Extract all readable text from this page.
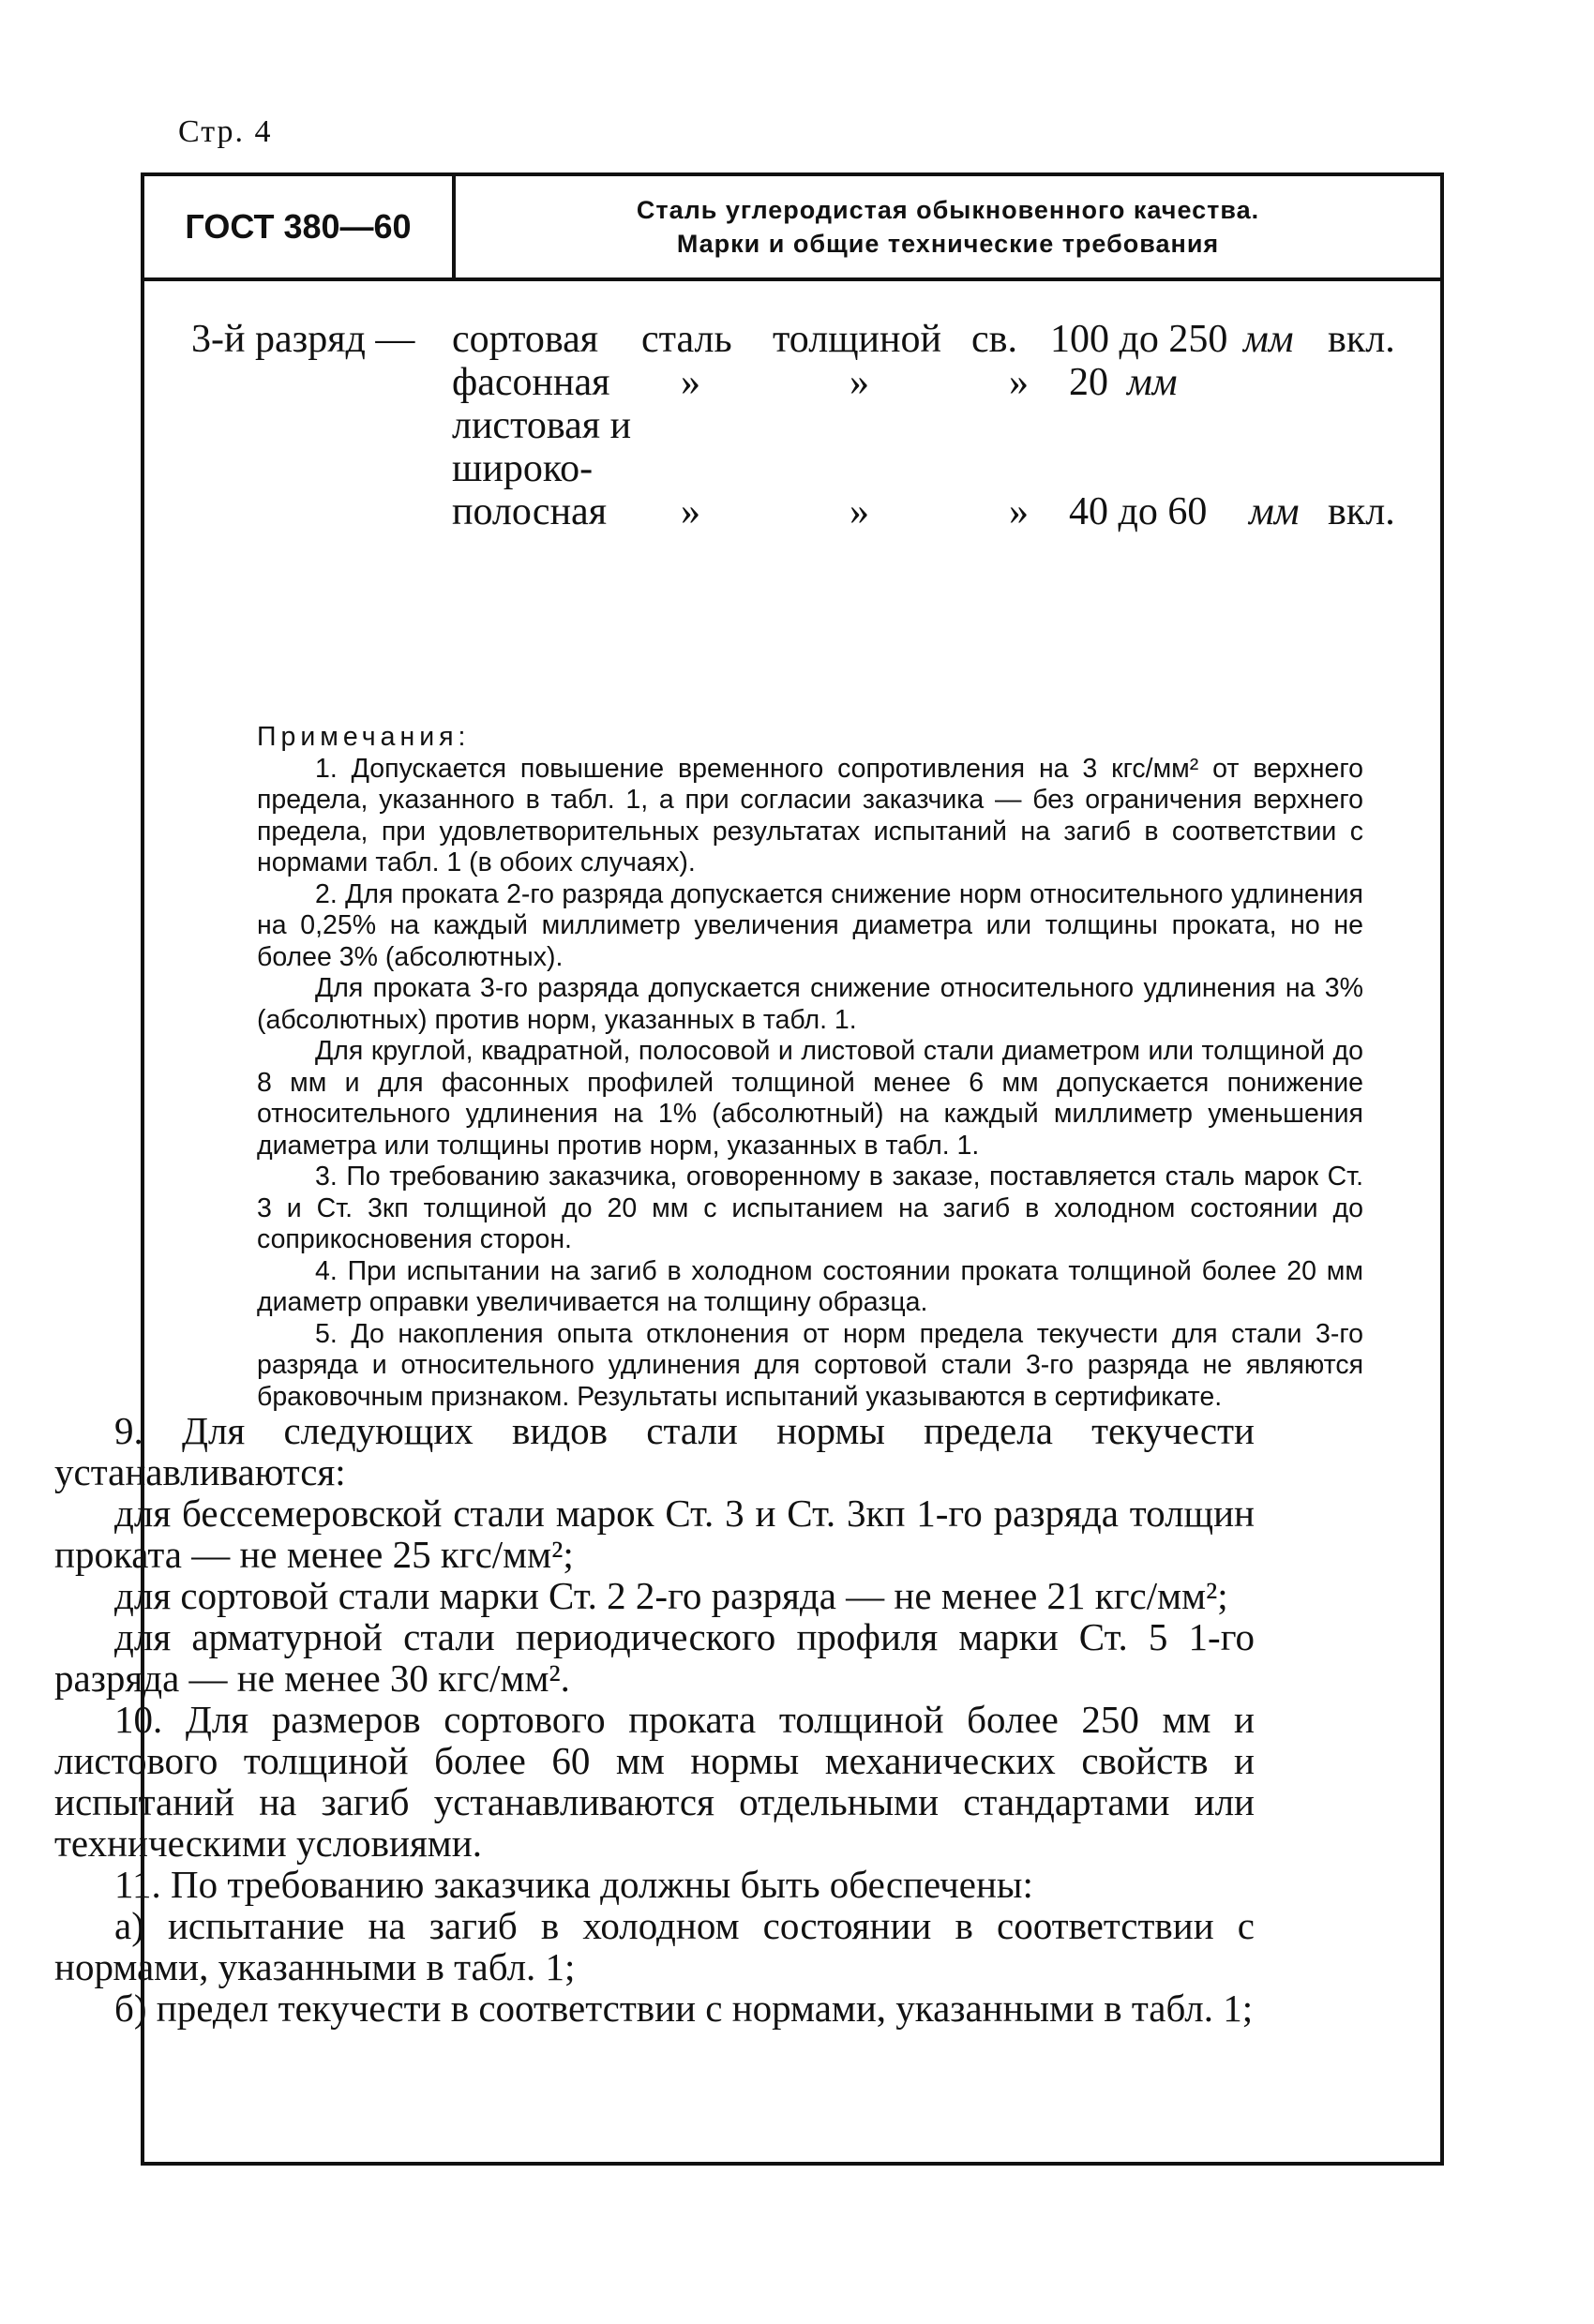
Стр. 4
ГОСТ 380—60	Сталь углеродистая обыкновенного качества.
Марки и общие технические требования
3-й разряд — сортовая сталь толщиной св. 100 до 250 мм вкл.
фасонная »	»	» 20 мм
листовая и
широко-
полосная »	»	» 40 до 60 мм вкл.

Примечания:

1. Допускается повышение временного сопротивления на 3 кгс/мм² от верхнего предела, указанного в табл. 1, а при согласии заказчика — без ограничения верхнего предела, при удовлетворительных результатах испытаний на загиб в соответствии с нормами табл. 1 (в обоих случаях).

2. Для проката 2-го разряда допускается снижение норм относительного удлинения на 0,25% на каждый миллиметр увеличения диаметра или толщины проката, но не более 3% (абсолютных).

Для проката 3-го разряда допускается снижение относительного удлинения на 3% (абсолютных) против норм, указанных в табл. 1.

Для круглой, квадратной, полосовой и листовой стали диаметром или толщиной до 8 мм и для фасонных профилей толщиной менее 6 мм допускается понижение относительного удлинения на 1% (абсолютный) на каждый миллиметр уменьшения диаметра или толщины против норм, указанных в табл. 1.

3. По требованию заказчика, оговоренному в заказе, поставляется сталь марок Ст. 3 и Ст. 3кп толщиной до 20 мм с испытанием на загиб в холодном состоянии до соприкосновения сторон.

4. При испытании на загиб в холодном состоянии проката толщиной более 20 мм диаметр оправки увеличивается на толщину образца.

5. До накопления опыта отклонения от норм предела текучести для стали 3-го разряда и относительного удлинения для сортовой стали 3-го разряда не являются браковочным признаком. Результаты испытаний указываются в сертификате.

9. Для следующих видов стали нормы предела текучести устанавливаются:

для бессемеровской стали марок Ст. 3 и Ст. 3кп 1-го разряда толщин проката — не менее 25 кгс/мм²;

для сортовой стали марки Ст. 2 2-го разряда — не менее 21 кгс/мм²;

для арматурной стали периодического профиля марки Ст. 5 1-го разряда — не менее 30 кгс/мм².

10. Для размеров сортового проката толщиной более 250 мм и листового толщиной более 60 мм нормы механических свойств и испытаний на загиб устанавливаются отдельными стандартами или техническими условиями.

11. По требованию заказчика должны быть обеспечены:

а) испытание на загиб в холодном состоянии в соответствии с нормами, указанными в табл. 1;

б) предел текучести в соответствии с нормами, указанными в табл. 1;
